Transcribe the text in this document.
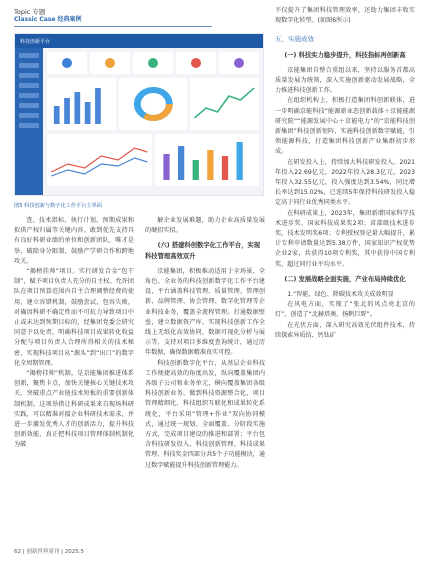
Topic 专题
Classic Case 经典案例
科技创新平台
图5 科技创新与数字化工作平台主界面

查、技术指标、执行计划、预期成果和拟供产权归属等关键内容。敢到优先支持具有良好科研业绩的单位和创新团队，唯才是举，破除身分限制，鼓励产学研合作和跨地攻关。

“揭榜挂帅”项目。实行研发合金“包干制”，赋予项目负责人充分的自主权。允许团队在项目预算范围内自主合理调整经费的使用，建立容错机制，鼓励尝试，包容失败，对确因科研不确定性而不可抗力导致项目中止或未达到预期目标的，经集团党委会研究同意予以免责，明确科技项目成果转化收益分配与项目负责人合理所得相关的技术秘密，实现科技项目从“源头”到“出口”的数字化全周期管理。

“揭榜挂帅”机制，是京能集团推进体系创新，聚焦卡点，加快关键核心关键技术攻关、突破重点产业链技术短板的重要创新体制机制，这项举措让科研成果来自现场科研实践，可以精准对接企业科研技术需求，并进一步激发优秀人才的创新活力，提升科技创新效能，真正把科技项目管理体制机制化为破

解企业发展难题，助力企业高质量发展的硬招实招。

(六) 搭建科创数字化工作平台，实现科技管理高效双升

京能集团，积极推动适用于全场景、全角色、全业务的科技创新数字化工作平台建设，平台涵盖科技管理、质量管理、管理创新、品牌管理、协会管理、数字化管理等企业科技业务，覆盖全流程管理。打通数据壁垒，建立数据资产库，实现科技创新工作全线上无纸化高效协同，数据可视化分析与展示等，支持对项目多维度查询统计，通过历年数据，确保数据精准真实可控。

科技创新数字化平台，从基层企业科技工作便捷高效的角度出发，纵向覆盖集团内各级子公司和业务单元，横向覆盖集团各级科技创新业务。做到科技资源整合化，项目管理精细化，科技组织互联化和成果转化系统化，平台采用“管理+作业”双向协同模式，通过统一规划、全面覆盖、分阶段实施方式，完成项目建设的推进和部署；平台包含科技研发投入、科技创新管理、科技成果管理、科技奖金四部分共5个子功能模块，通过数字赋能提升科技创新管理能力。

不仅提升了集团科技管理效率，还助力集团丰收实现数字化转型。(如图6所示)

五、实施成效
(一) 科技实力稳步提升，科技指标再创新高

京能集团自整合重组以来，坚持以服务首都高质量发展为统领，深入实施创新驱动发展战略，全力推进科技创新工作。

在组织机构上，积极打造集团科创新联体，进一步明确京能科技“能源新业态创新载体＋京能能源研究院”“能源发展中心＋京能电力”的“京能科技创新集团”科技创新矩阵，实施科技创新数字赋能，引领能源科技，打造集团科技创新产业集群初步形成。

在研发投入上，持续加大科技研发投入。2021年投入22.69亿元，2022年投入28.3亿元，2023年投入32.55亿元，投入强度达到3.54%，同比增长率达到15.02%，已连续5年保持科技研发投入稳定高于同行业优秀同类水平。

在科研成果上，2023年，集团新增国家科学技术进步奖、国家科技成果奖2项；省部级技术进步奖，技术发明奖6项；专利授权登记量大幅提升，累计专利申请数量达到5.38万件，国家知识产权优势企业2家，共获得10项专利奖，其中获得中国专利奖，超过同行业平均水平。

(二) 发展战略全面实施，产业布局持续优化

1.“智能、绿色、降碳技术攻关成效明显

在风电方面，实现了“张北的风点亮北京的灯”，创造了“北赫塔奥，扬帆巨野”。

在光伏方面，深入研究高效光伏组件技术，持续探索异质结、钙钛矿

62 | 创新世界周刊 | 2025.5
